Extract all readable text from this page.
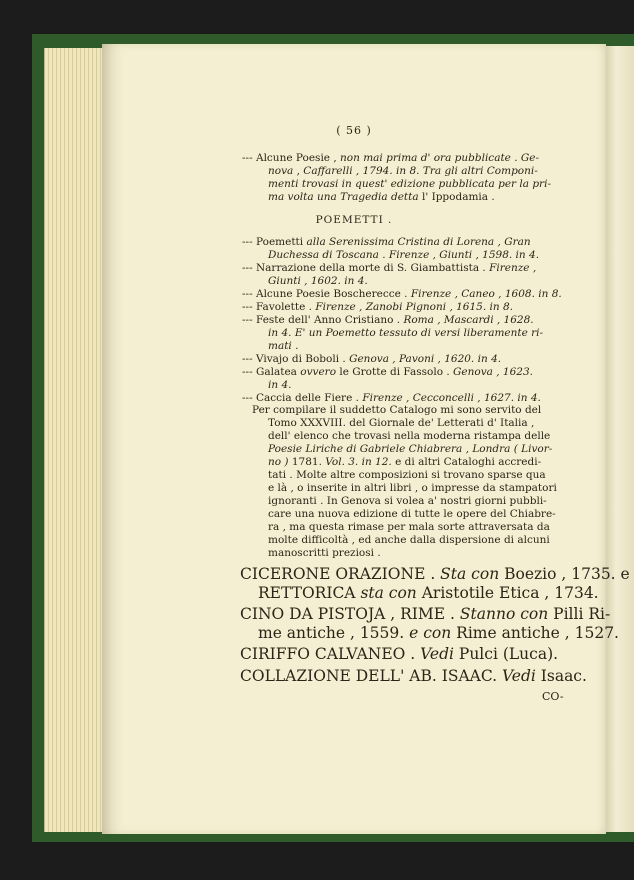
( 56 )
--- Alcune Poesie , non mai prima d' ora pubblicate . Ge-
nova , Caffarelli , 1794. in 8. Tra gli altri Componi-
menti trovasi in quest' edizione pubblicata per la pri-
ma volta una Tragedia detta l' Ippodamia .
POEMETTI .
--- Poemetti alla Serenissima Cristina di Lorena , Gran
Duchessa di Toscana . Firenze , Giunti , 1598. in 4.
--- Narrazione della morte di S. Giambattista . Firenze ,
Giunti , 1602. in 4.
--- Alcune Poesie Boscherecce . Firenze , Caneo , 1608. in 8.
--- Favolette . Firenze , Zanobi Pignoni , 1615. in 8.
--- Feste dell' Anno Cristiano . Roma , Mascardi , 1628.
in 4. E' un Poemetto tessuto di versi liberamente ri-
mati .
--- Vivajo di Boboli . Genova , Pavoni , 1620. in 4.
--- Galatea ovvero le Grotte di Fassolo . Genova , 1623.
in 4.
--- Caccia delle Fiere . Firenze , Cecconcelli , 1627. in 4.
Per compilare il suddetto Catalogo mi sono servito del
Tomo XXXVIII. del Giornale de' Letterati d' Italia ,
dell' elenco che trovasi nella moderna ristampa delle
Poesie Liriche di Gabriele Chiabrera , Londra ( Livor-
no ) 1781. Vol. 3. in 12. e di altri Cataloghi accredi-
tati . Molte altre composizioni si trovano sparse qua
e là , o inserite in altri libri , o impresse da stampatori
ignoranti . In Genova si volea a' nostri giorni pubbli-
care una nuova edizione di tutte le opere del Chiabre-
ra , ma questa rimase per mala sorte attraversata da
molte difficoltà , ed anche dalla dispersione di alcuni
manoscritti preziosi .
CICERONE ORAZIONE . Sta con Boezio , 1735. e
RETTORICA sta con Aristotile Etica , 1734.
CINO DA PISTOJA , RIME . Stanno con Pilli Ri-
me antiche , 1559. e con Rime antiche , 1527.
CIRIFFO CALVANEO . Vedi Pulci (Luca).
COLLAZIONE DELL' AB. ISAAC. Vedi Isaac.
CO-
